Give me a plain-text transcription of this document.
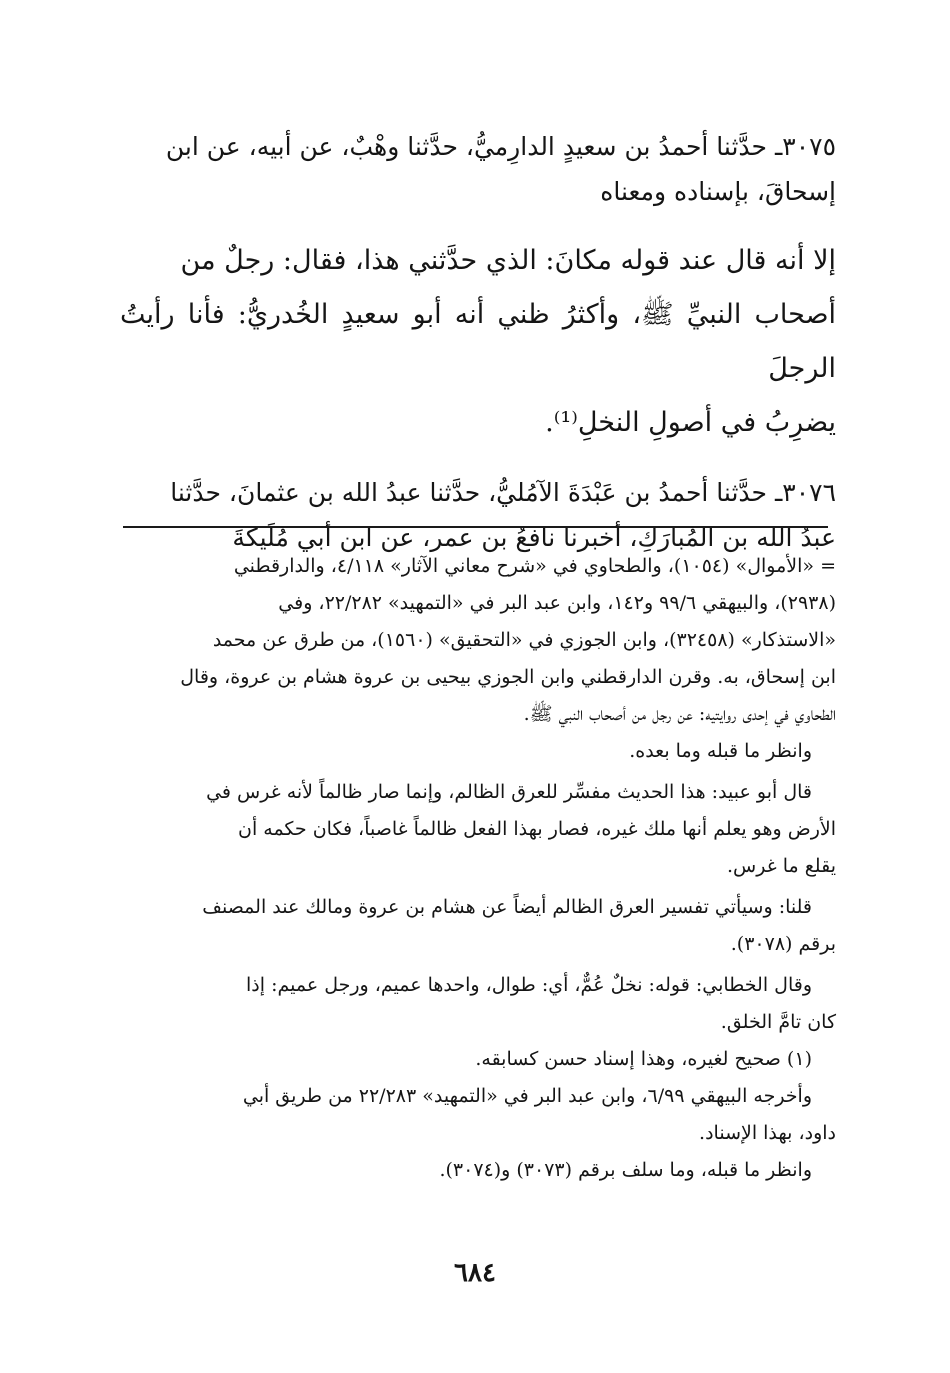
٣٠٧٥ـ حدَّثنا أحمدُ بن سعيدٍ الدارِميُّ، حدَّثنا وهْبٌ، عن أبيه، عن ابن

إسحاقَ، بإسناده ومعناه

إلا أنه قال عند قوله مكانَ: الذي حدَّثني هذا، فقال: رجلٌ من
أصحاب النبيِّ ﷺ، وأكثرُ ظني أنه أبو سعيدٍ الخُدريُّ: فأنا رأيتُ الرجلَ
يضرِبُ في أصولِ النخلِ⁽¹⁾.

٣٠٧٦ـ حدَّثنا أحمدُ بن عَبْدَةَ الآمُليُّ، حدَّثنا عبدُ الله بن عثمانَ، حدَّثنا
عبدُ الله بن المُبارَكِ، أخبرنا نافعُ بن عمر، عن ابن أبي مُلَيكةَ

= «الأموال» (١٠٥٤)، والطحاوي في «شرح معاني الآثار» ٤/١١٨، والدارقطني
(٢٩٣٨)، والبيهقي ٩٩/٦ و١٤٢، وابن عبد البر في «التمهيد» ٢٢/٢٨٢، وفي
«الاستذكار» (٣٢٤٥٨)، وابن الجوزي في «التحقيق» (١٥٦٠)، من طرق عن محمد
ابن إسحاق، به. وقرن الدارقطني وابن الجوزي بيحيى بن عروة هشام بن عروة، وقال
الطحاوي في إحدى روايتيه: عن رجل من أصحاب النبي ﷺ.

وانظر ما قبله وما بعده.

قال أبو عبيد: هذا الحديث مفسِّر للعرق الظالم، وإنما صار ظالماً لأنه غرس في
الأرض وهو يعلم أنها ملك غيره، فصار بهذا الفعل ظالماً غاصباً، فكان حكمه أن
يقلع ما غرس.

قلنا: وسيأتي تفسير العرق الظالم أيضاً عن هشام بن عروة ومالك عند المصنف
برقم (٣٠٧٨).

وقال الخطابي: قوله: نخلٌ عُمٌّ، أي: طوال، واحدها عميم، ورجل عميم: إذا
كان تامَّ الخلق.

(١) صحيح لغيره، وهذا إسناد حسن كسابقه.

وأخرجه البيهقي ٦/٩٩، وابن عبد البر في «التمهيد» ٢٢/٢٨٣ من طريق أبي
داود، بهذا الإسناد.

وانظر ما قبله، وما سلف برقم (٣٠٧٣) و(٣٠٧٤).

٦٨٤
